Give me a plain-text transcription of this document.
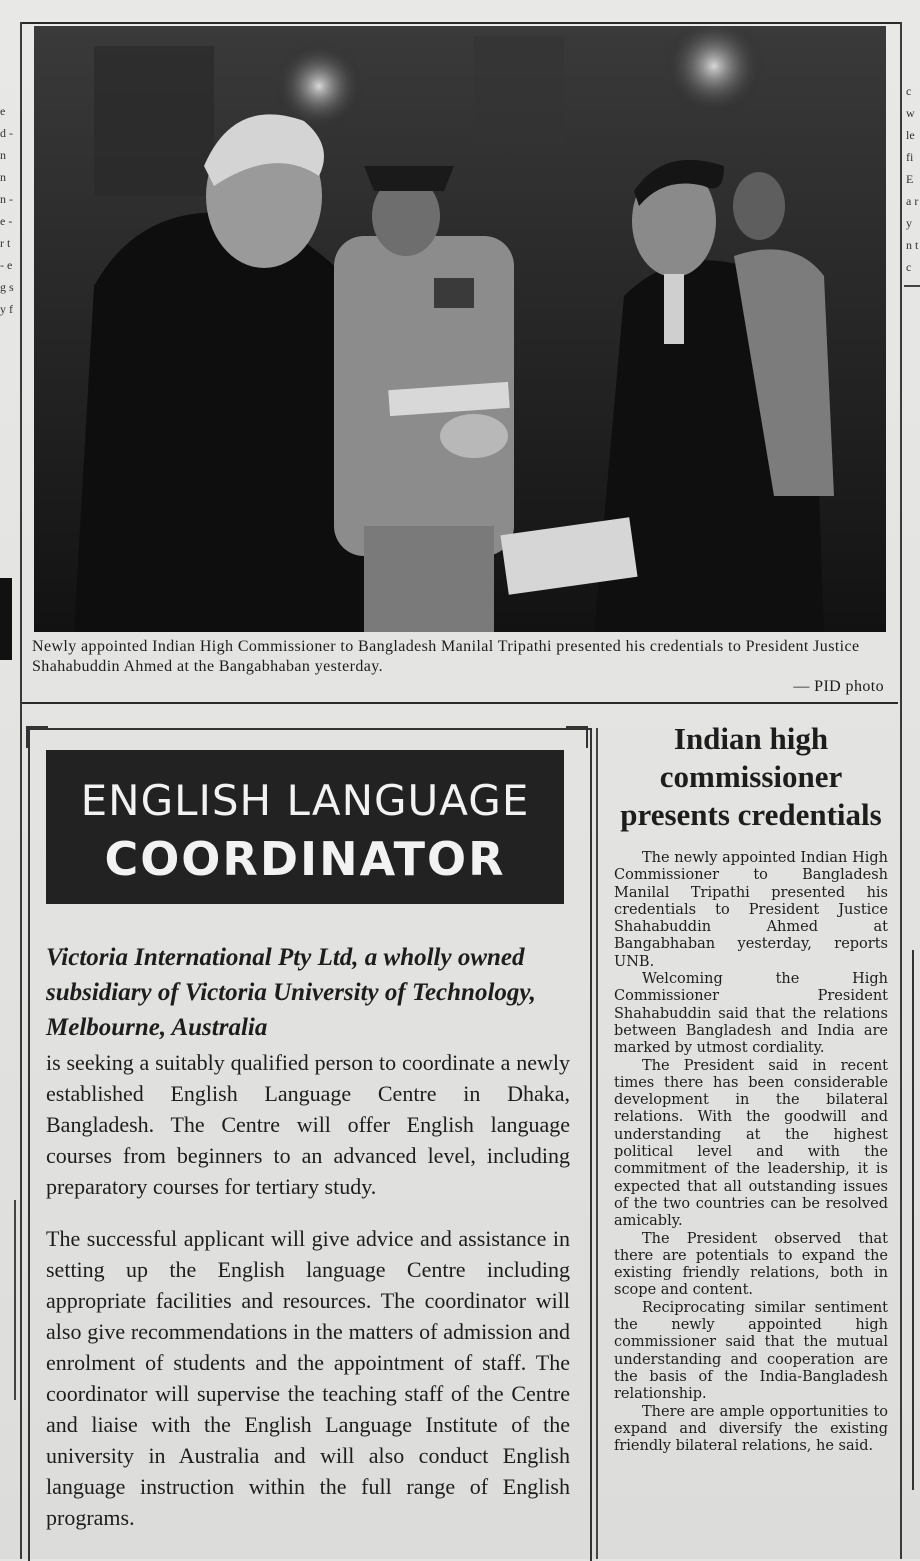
e d - n n n - e - r t - e g s y f
c w le fi E a r y n t c
Newly appointed Indian High Commissioner to Bangladesh Manilal Tripathi presented his credentials to President Justice Shahabuddin Ahmed at the Bangabhaban yesterday.
— PID photo
ENGLISH LANGUAGE
COORDINATOR
Victoria International Pty Ltd, a wholly owned subsidiary of Victoria University of Technology, Melbourne, Australia
is seeking a suitably qualified person to coordinate a newly established English Language Centre in Dhaka, Bangladesh. The Centre will offer English language courses from beginners to an advanced level, including preparatory courses for tertiary study.
The successful applicant will give advice and assistance in setting up the English language Centre including appropriate facilities and resources. The coordinator will also give recommendations in the matters of admission and enrolment of students and the appointment of staff. The coordinator will supervise the teaching staff of the Centre and liaise with the English Language Institute of the university in Australia and will also conduct English language instruction within the full range of English programs.
Indian high commissioner presents credentials

The newly appointed Indian High Commissioner to Bangladesh Manilal Tripathi presented his credentials to President Justice Shahabuddin Ahmed at Bangabhaban yesterday, reports UNB.

Welcoming the High Commissioner President Shahabuddin said that the relations between Bangladesh and India are marked by utmost cordiality.

The President said in recent times there has been considerable development in the bilateral relations. With the goodwill and understanding at the highest political level and with the commitment of the leadership, it is expected that all outstanding issues of the two countries can be resolved amicably.

The President observed that there are potentials to expand the existing friendly relations, both in scope and content.

Reciprocating similar sentiment the newly appointed high commissioner said that the mutual understanding and cooperation are the basis of the India-Bangladesh relationship.

There are ample opportunities to expand and diversify the existing friendly bilateral relations, he said.
